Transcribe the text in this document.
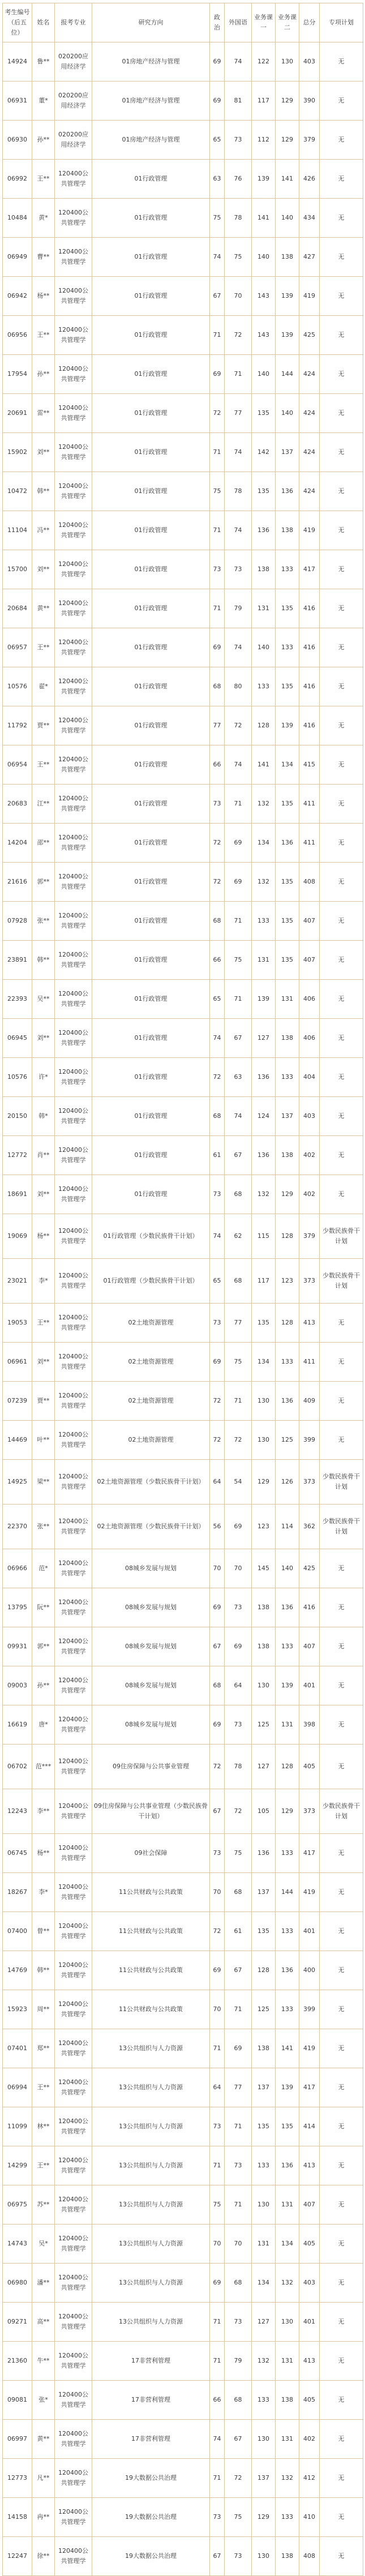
考生编号（后五位）	姓名	报考专业	研究方向	政治	外国语	业务课一	业务课二	总分	专项计划
14924	鲁**	020200应用经济学	01房地产经济与管理	69	74	122	130	403	无
06931	董*	020200应用经济学	01房地产经济与管理	69	81	117	129	390	无
06930	孙**	020200应用经济学	01房地产经济与管理	65	73	112	129	379	无
06992	王**	120400公共管理学	01行政管理	63	76	139	141	426	无
10484	黄*	120400公共管理学	01行政管理	75	78	141	140	434	无
06949	曹**	120400公共管理学	01行政管理	74	75	140	138	427	无
06942	杨**	120400公共管理学	01行政管理	67	70	143	139	419	无
06956	王**	120400公共管理学	01行政管理	71	72	143	139	425	无
17954	孙**	120400公共管理学	01行政管理	69	71	140	144	424	无
20691	雷**	120400公共管理学	01行政管理	72	77	135	140	424	无
15902	刘**	120400公共管理学	01行政管理	71	74	142	137	424	无
10472	韩**	120400公共管理学	01行政管理	75	78	135	136	424	无
11104	冯**	120400公共管理学	01行政管理	71	74	136	138	419	无
15700	刘**	120400公共管理学	01行政管理	73	73	138	133	417	无
20684	黄**	120400公共管理学	01行政管理	71	79	131	135	416	无
06957	王**	120400公共管理学	01行政管理	69	74	140	133	416	无
10576	翟*	120400公共管理学	01行政管理	68	80	133	135	416	无
11792	贾**	120400公共管理学	01行政管理	77	72	128	139	416	无
06954	王**	120400公共管理学	01行政管理	66	74	141	134	415	无
20683	江**	120400公共管理学	01行政管理	73	71	132	135	411	无
14204	邵**	120400公共管理学	01行政管理	72	69	134	136	411	无
21616	郭**	120400公共管理学	01行政管理	72	69	132	135	408	无
07928	张**	120400公共管理学	01行政管理	68	71	133	135	407	无
23891	韩**	120400公共管理学	01行政管理	66	75	131	135	407	无
22393	吴**	120400公共管理学	01行政管理	65	71	139	131	406	无
06945	刘**	120400公共管理学	01行政管理	74	67	127	138	406	无
10576	许*	120400公共管理学	01行政管理	72	63	136	133	404	无
20150	韩*	120400公共管理学	01行政管理	68	74	124	137	403	无
12772	肖**	120400公共管理学	01行政管理	61	67	136	138	402	无
18691	刘**	120400公共管理学	01行政管理	73	68	132	129	402	无
19069	杨**	120400公共管理学	01行政管理（少数民族骨干计划）	74	62	115	128	379	少数民族骨干计划
23021	李*	120400公共管理学	01行政管理（少数民族骨干计划）	65	68	117	123	373	少数民族骨干计划
19053	王**	120400公共管理学	02土地资源管理	73	77	135	128	413	无
06961	刘**	120400公共管理学	02土地资源管理	69	75	134	133	411	无
07239	贾**	120400公共管理学	02土地资源管理	72	71	130	136	409	无
14469	叶**	120400公共管理学	02土地资源管理	72	72	130	125	399	无
14925	梁**	120400公共管理学	02土地资源管理（少数民族骨干计划）	64	54	129	126	373	少数民族骨干计划
22370	张**	120400公共管理学	02土地资源管理（少数民族骨干计划）	56	69	123	114	362	少数民族骨干计划
06966	范*	120400公共管理学	08城乡发展与规划	70	70	145	140	425	无
13795	阮**	120400公共管理学	08城乡发展与规划	69	73	138	136	416	无
09931	郭**	120400公共管理学	08城乡发展与规划	67	69	138	133	407	无
09003	孙**	120400公共管理学	08城乡发展与规划	68	64	130	139	401	无
16619	唐*	120400公共管理学	08城乡发展与规划	69	73	125	131	398	无
06702	范***	120400公共管理学	09住房保障与公共事业管理	72	78	127	128	405	无
12243	李**	120400公共管理学	09住房保障与公共事业管理（少数民族骨干计划）	67	72	105	129	373	少数民族骨干计划
06745	杨**	120400公共管理学	09社会保障	73	75	136	133	417	无
18267	李*	120400公共管理学	11公共财政与公共政策	70	68	137	144	419	无
07400	曾**	120400公共管理学	11公共财政与公共政策	72	61	135	133	401	无
14769	韩**	120400公共管理学	11公共财政与公共政策	69	67	128	136	400	无
15923	周**	120400公共管理学	11公共财政与公共政策	70	71	125	133	399	无
07401	郑**	120400公共管理学	13公共组织与人力资源	71	69	138	141	419	无
06994	王**	120400公共管理学	13公共组织与人力资源	64	77	137	139	417	无
11099	林**	120400公共管理学	13公共组织与人力资源	73	71	135	135	414	无
14299	王**	120400公共管理学	13公共组织与人力资源	71	73	133	136	413	无
06975	苏**	120400公共管理学	13公共组织与人力资源	75	71	130	131	407	无
14743	吴*	120400公共管理学	13公共组织与人力资源	70	70	131	134	405	无
06980	潘**	120400公共管理学	13公共组织与人力资源	69	68	134	132	403	无
09271	高**	120400公共管理学	13公共组织与人力资源	71	73	127	130	401	无
21360	牛**	120400公共管理学	17非营利管理	71	79	132	131	413	无
09081	张*	120400公共管理学	17非营利管理	66	68	133	138	405	无
06997	黄**	120400公共管理学	17非营利管理	74	67	130	131	402	无
12773	凡**	120400公共管理学	19大数据公共治理	71	72	137	132	412	无
14158	冉**	120400公共管理学	19大数据公共治理	73	75	129	133	410	无
12247	徐**	120400公共管理学	19大数据公共治理	67	73	130	138	408	无
